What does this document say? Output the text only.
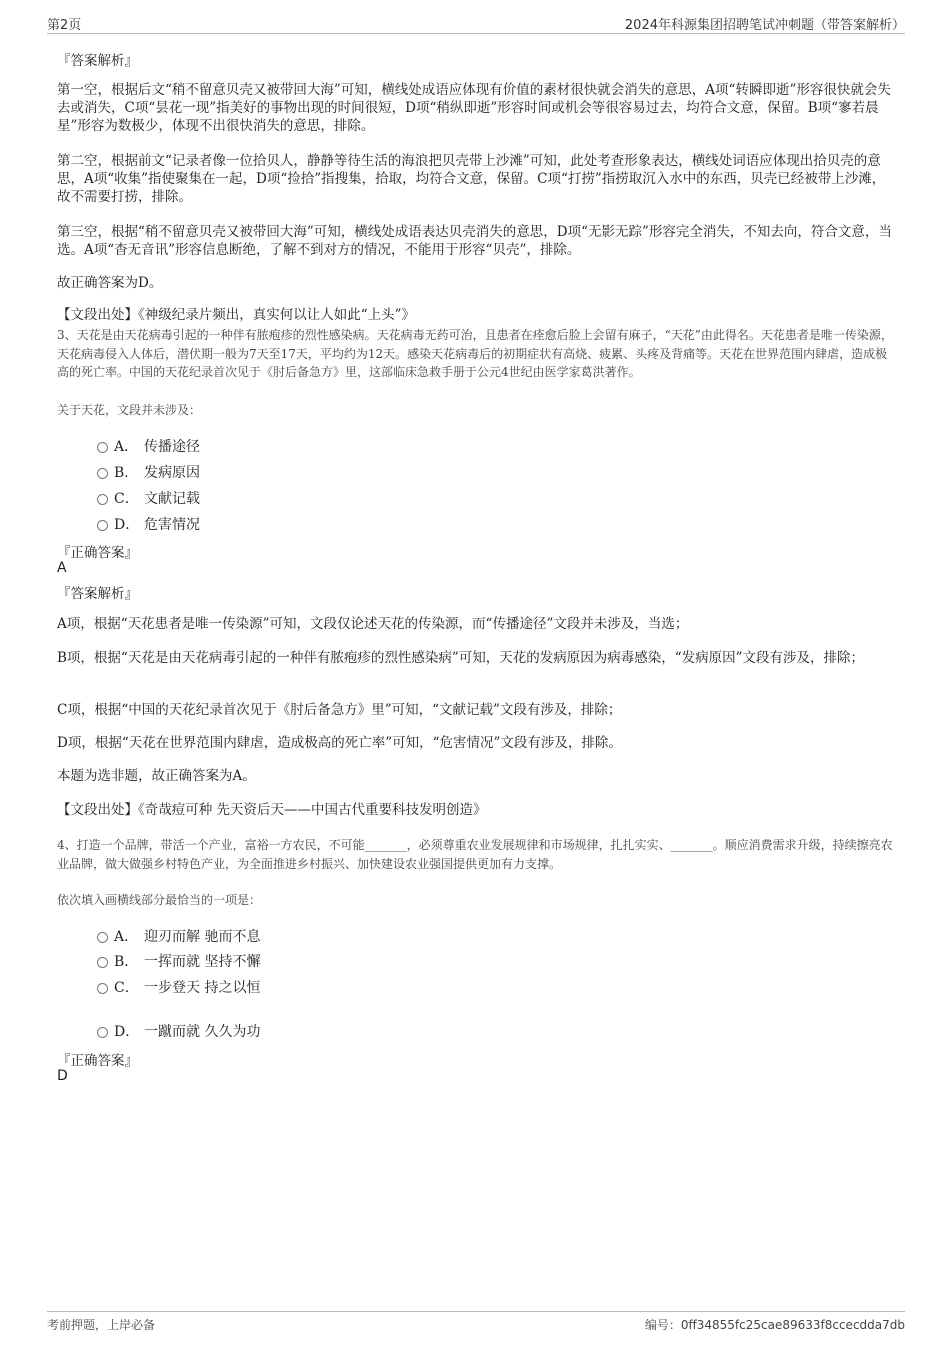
第2页	2024年科源集团招聘笔试冲刺题（带答案解析）
『答案解析』

第一空，根据后文“稍不留意贝壳又被带回大海”可知，横线处成语应体现有价值的素材很快就会消失的意思，A项“转瞬即逝”形容很快就会失去或消失，C项“昙花一现”指美好的事物出现的时间很短，D项“稍纵即逝”形容时间或机会等很容易过去，均符合文意，保留。B项“寥若晨星”形容为数极少，体现不出很快消失的意思，排除。

第二空，根据前文“记录者像一位拾贝人，静静等待生活的海浪把贝壳带上沙滩”可知，此处考查形象表达，横线处词语应体现出拾贝壳的意思，A项“收集”指使聚集在一起，D项“捡拾”指搜集，拾取，均符合文意，保留。C项“打捞”指捞取沉入水中的东西，贝壳已经被带上沙滩，故不需要打捞，排除。

第三空，根据“稍不留意贝壳又被带回大海”可知，横线处成语表达贝壳消失的意思，D项“无影无踪”形容完全消失，不知去向，符合文意，当选。A项“杳无音讯”形容信息断绝，了解不到对方的情况，不能用于形容“贝壳”，排除。

故正确答案为D。

【文段出处】《神级纪录片频出，真实何以让人如此“上头”》

3、天花是由天花病毒引起的一种伴有脓疱疹的烈性感染病。天花病毒无药可治，且患者在痊愈后脸上会留有麻子，“天花”由此得名。天花患者是唯一传染源，天花病毒侵入人体后，潜伏期一般为7天至17天，平均约为12天。感染天花病毒后的初期症状有高烧、疲累、头疼及背痛等。天花在世界范围内肆虐，造成极高的死亡率。中国的天花纪录首次见于《肘后备急方》里，这部临床急救手册于公元4世纪由医学家葛洪著作。

关于天花，文段并未涉及：
A． 传播途径
B． 发病原因
C． 文献记载
D． 危害情况
『正确答案』
A
『答案解析』

A项，根据“天花患者是唯一传染源”可知，文段仅论述天花的传染源，而“传播途径”文段并未涉及，当选；

B项，根据“天花是由天花病毒引起的一种伴有脓疱疹的烈性感染病”可知，天花的发病原因为病毒感染，“发病原因”文段有涉及，排除；

C项，根据“中国的天花纪录首次见于《肘后备急方》里”可知，“文献记载”文段有涉及，排除；

D项，根据“天花在世界范围内肆虐，造成极高的死亡率”可知，“危害情况”文段有涉及，排除。

本题为选非题，故正确答案为A。

【文段出处】《奇哉痘可种 先天资后天——中国古代重要科技发明创造》

4、打造一个品牌，带活一个产业，富裕一方农民，不可能_______，必须尊重农业发展规律和市场规律，扎扎实实、_______。顺应消费需求升级，持续擦亮农业品牌，做大做强乡村特色产业，为全面推进乡村振兴、加快建设农业强国提供更加有力支撑。

依次填入画横线部分最恰当的一项是：
A． 迎刃而解 驰而不息
B． 一挥而就 坚持不懈
C． 一步登天 持之以恒
D． 一蹴而就 久久为功
『正确答案』
D
考前押题，上岸必备	编号：0ff34855fc25cae89633f8ccecdda7db
